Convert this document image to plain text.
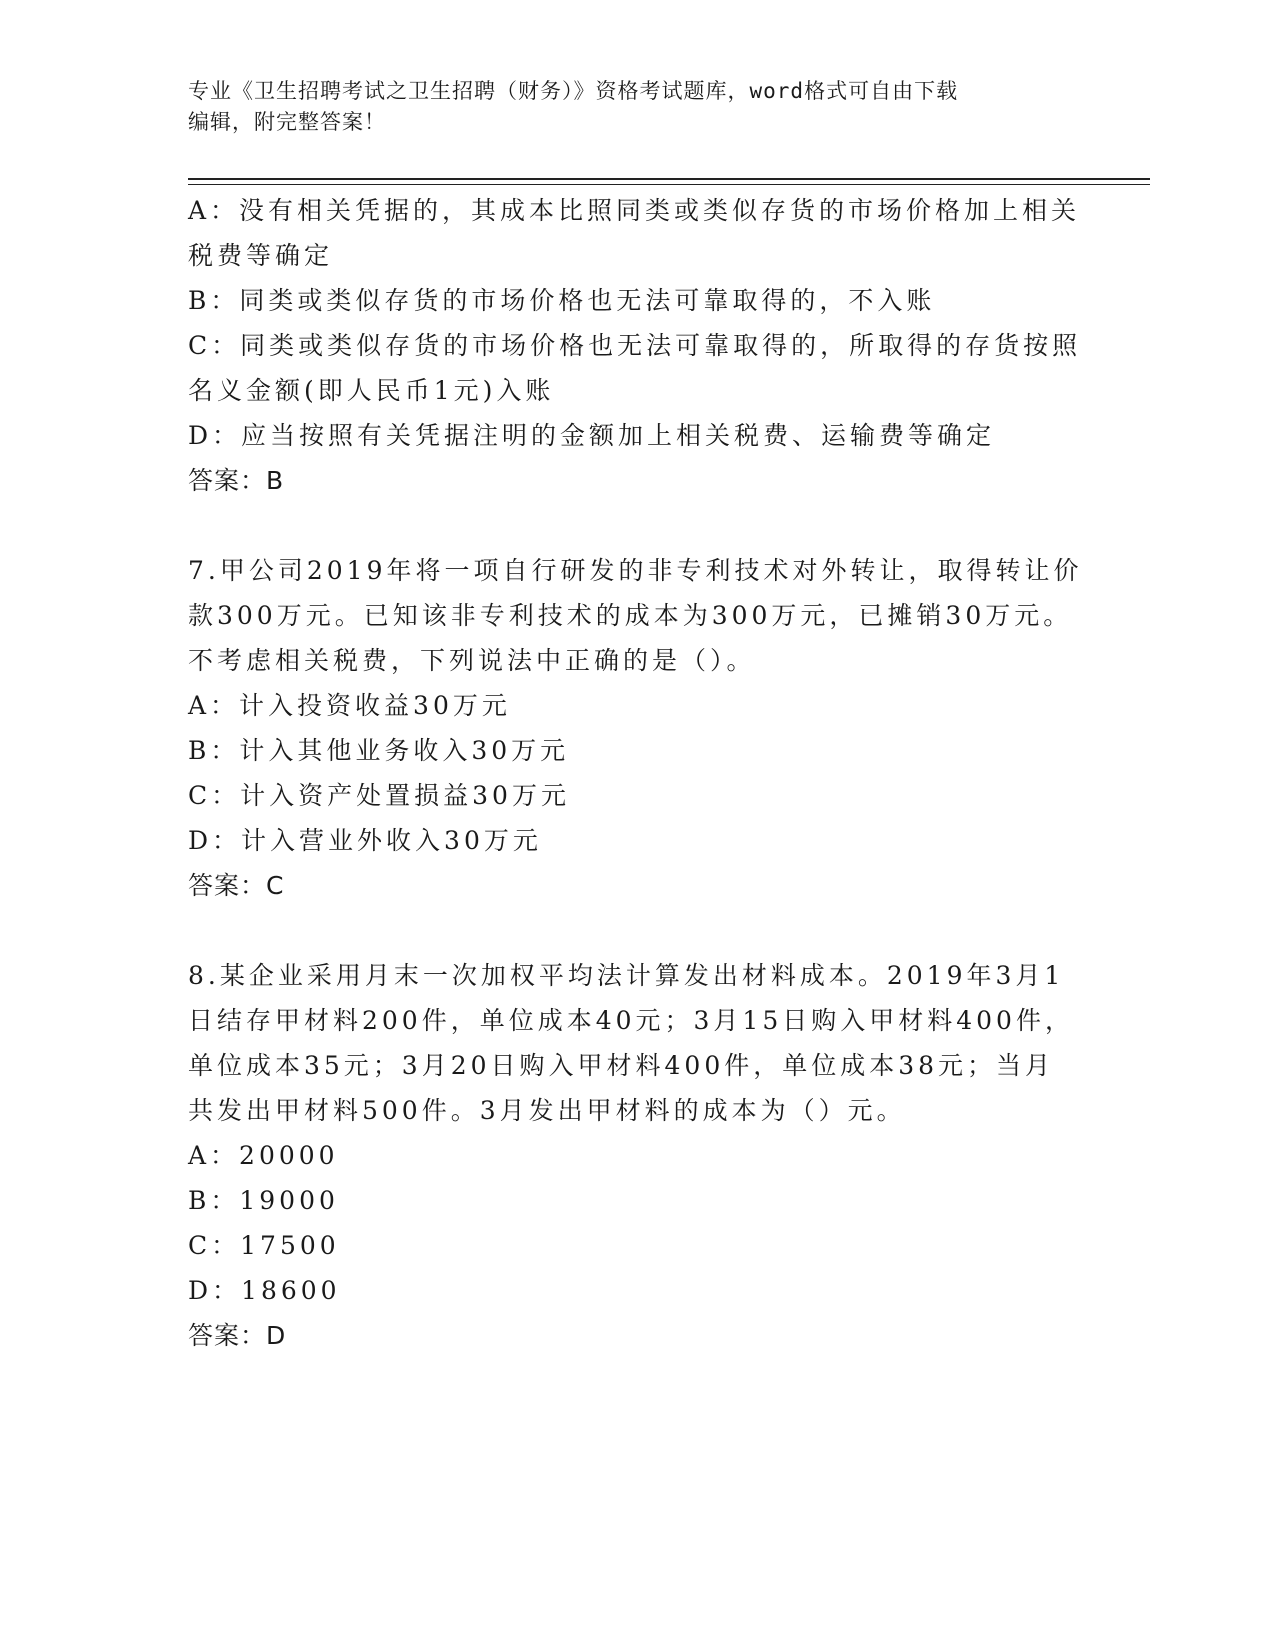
专业《卫生招聘考试之卫生招聘（财务）》资格考试题库，word格式可自由下载
编辑，附完整答案！
A：没有相关凭据的，其成本比照同类或类似存货的市场价格加上相关
税费等确定
B：同类或类似存货的市场价格也无法可靠取得的，不入账
C：同类或类似存货的市场价格也无法可靠取得的，所取得的存货按照
名义金额(即人民币1元)入账
D：应当按照有关凭据注明的金额加上相关税费、运输费等确定
答案：B
7.甲公司2019年将一项自行研发的非专利技术对外转让，取得转让价
款300万元。已知该非专利技术的成本为300万元，已摊销30万元。
不考虑相关税费，下列说法中正确的是（）。
A：计入投资收益30万元
B：计入其他业务收入30万元
C：计入资产处置损益30万元
D：计入营业外收入30万元
答案：C
8.某企业采用月末一次加权平均法计算发出材料成本。2019年3月1
日结存甲材料200件，单位成本40元；3月15日购入甲材料400件，
单位成本35元；3月20日购入甲材料400件，单位成本38元；当月
共发出甲材料500件。3月发出甲材料的成本为（）元。
A：20000
B：19000
C：17500
D：18600
答案：D
